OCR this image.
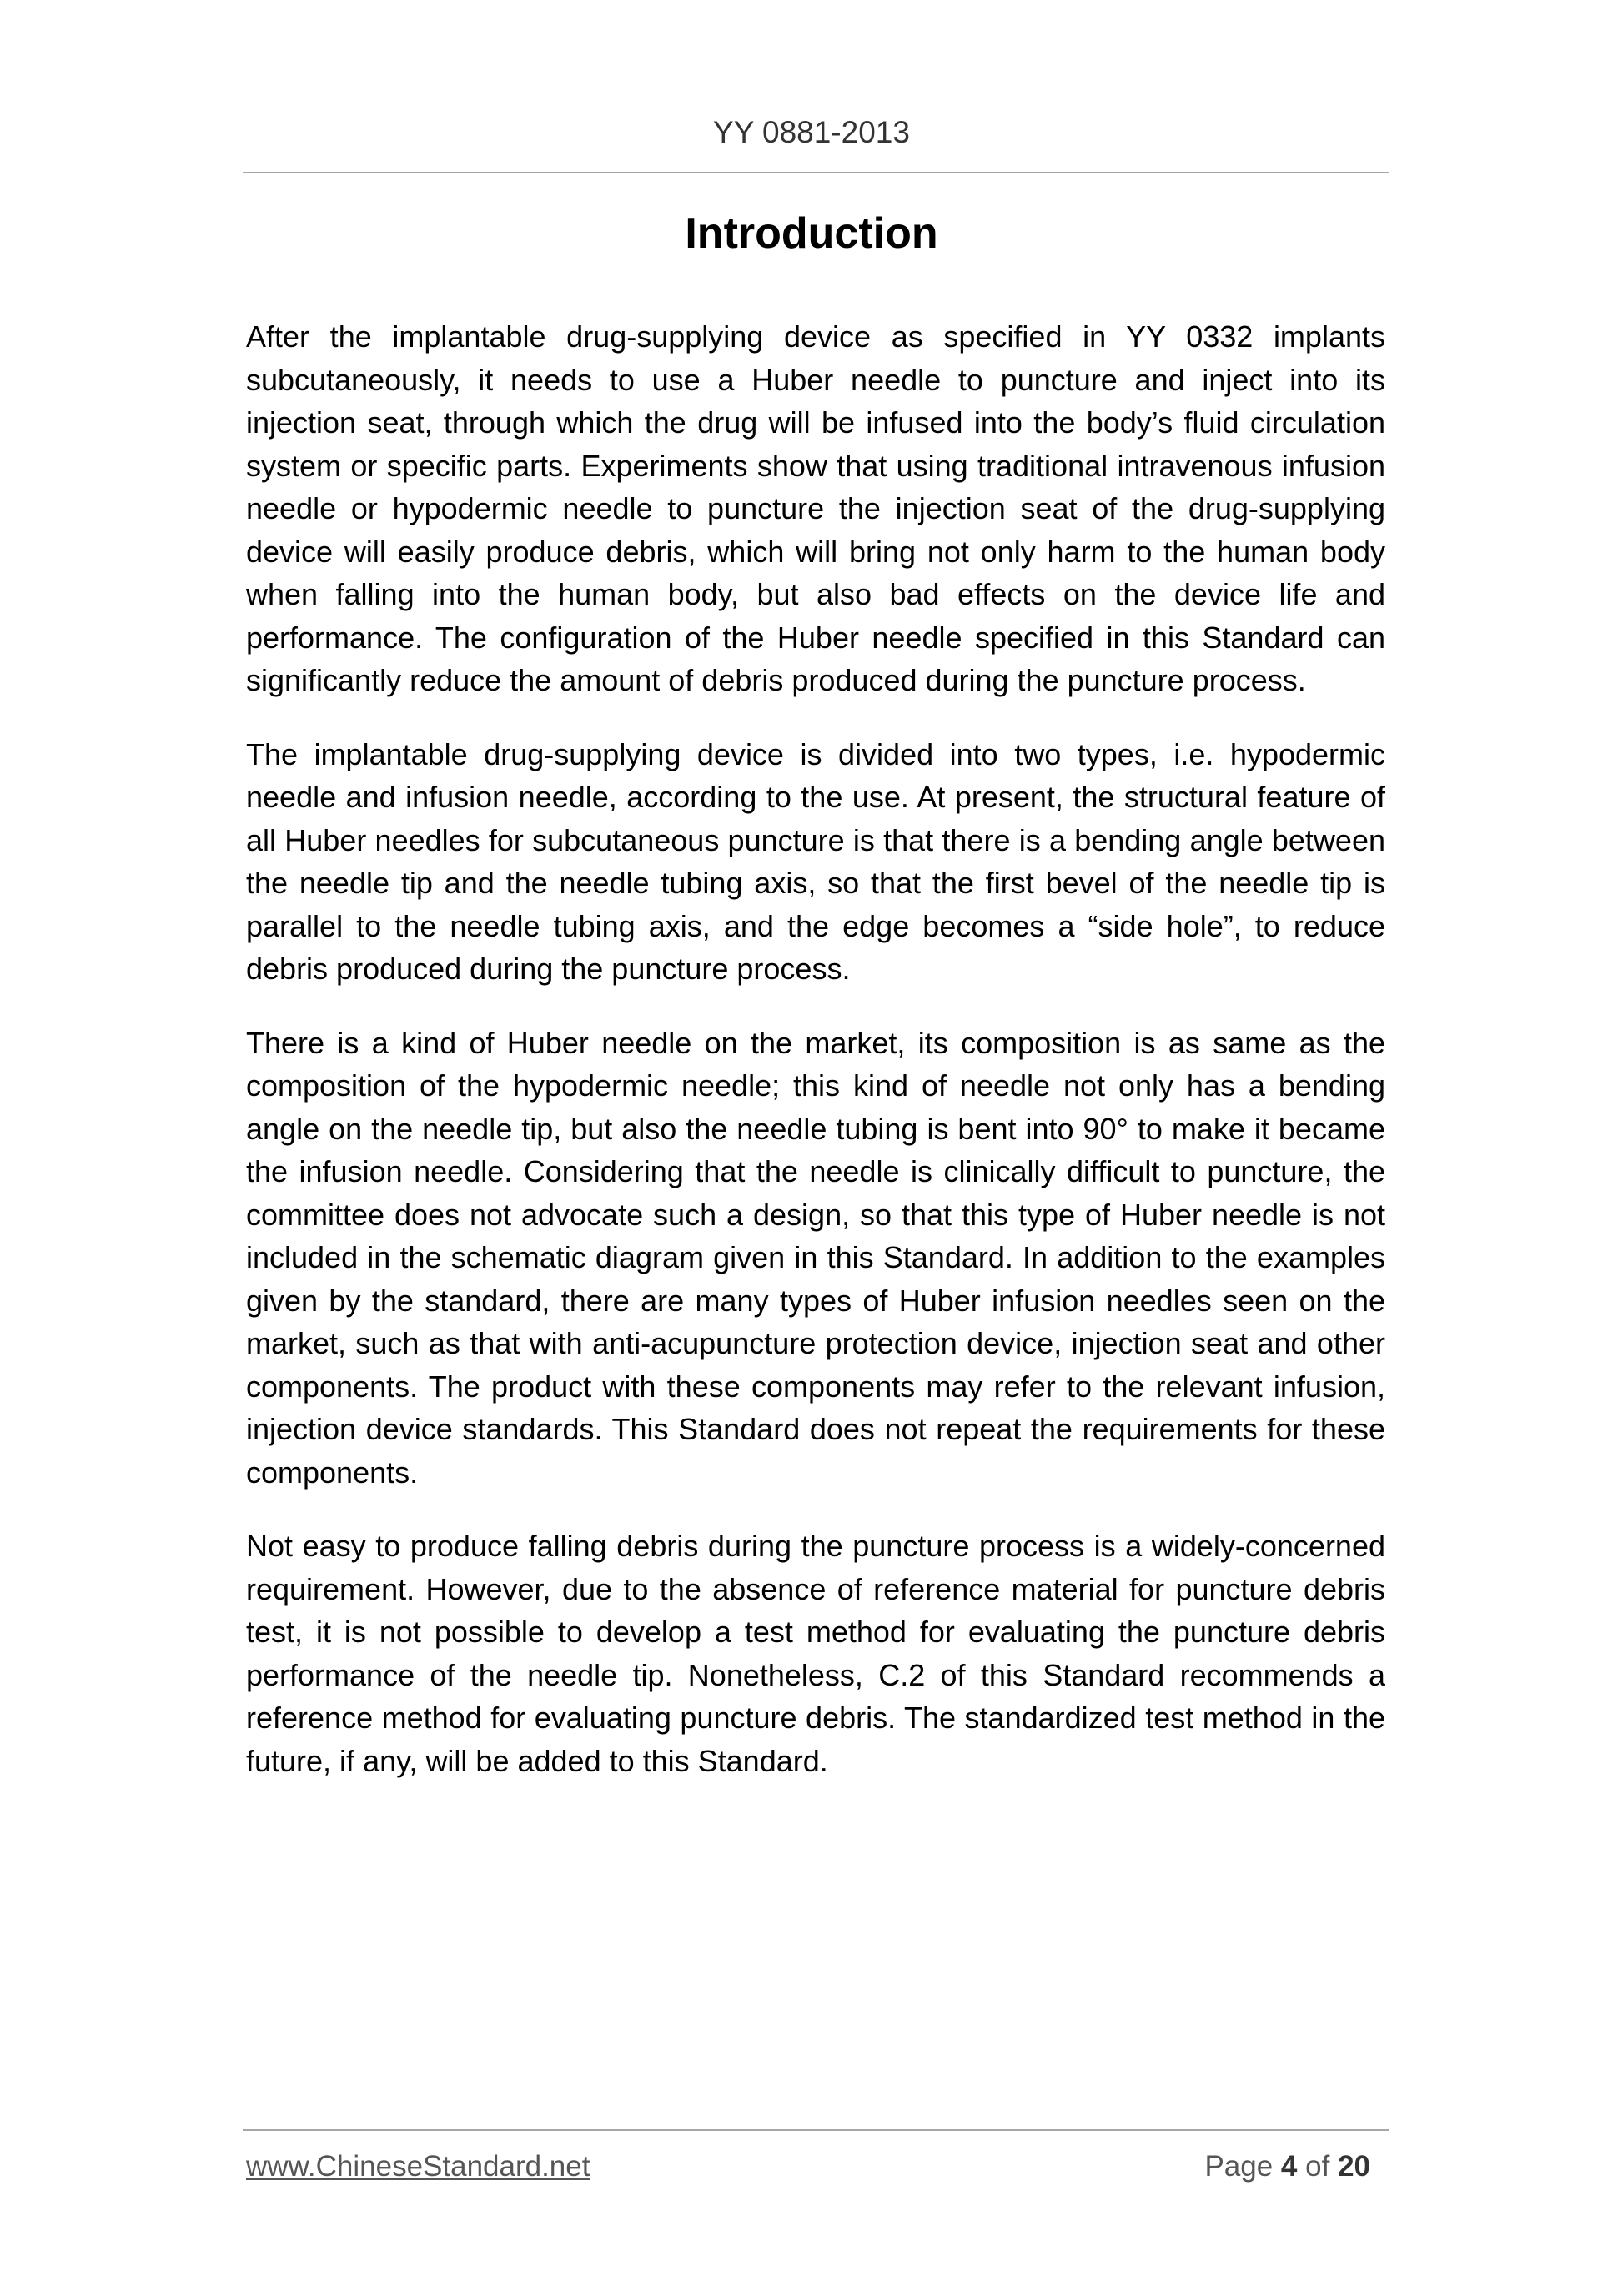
YY 0881-2013
Introduction

After the implantable drug-supplying device as specified in YY 0332 implants subcutaneously, it needs to use a Huber needle to puncture and inject into its injection seat, through which the drug will be infused into the body’s fluid circulation system or specific parts. Experiments show that using traditional intravenous infusion needle or hypodermic needle to puncture the injection seat of the drug-supplying device will easily produce debris, which will bring not only harm to the human body when falling into the human body, but also bad effects on the device life and performance. The configuration of the Huber needle specified in this Standard can significantly reduce the amount of debris produced during the puncture process.

The implantable drug-supplying device is divided into two types, i.e. hypodermic needle and infusion needle, according to the use. At present, the structural feature of all Huber needles for subcutaneous puncture is that there is a bending angle between the needle tip and the needle tubing axis, so that the first bevel of the needle tip is parallel to the needle tubing axis, and the edge becomes a “side hole”, to reduce debris produced during the puncture process.

There is a kind of Huber needle on the market, its composition is as same as the composition of the hypodermic needle; this kind of needle not only has a bending angle on the needle tip, but also the needle tubing is bent into 90° to make it became the infusion needle. Considering that the needle is clinically difficult to puncture, the committee does not advocate such a design, so that this type of Huber needle is not included in the schematic diagram given in this Standard. In addition to the examples given by the standard, there are many types of Huber infusion needles seen on the market, such as that with anti-acupuncture protection device, injection seat and other components. The product with these components may refer to the relevant infusion, injection device standards. This Standard does not repeat the requirements for these components.

Not easy to produce falling debris during the puncture process is a widely-concerned requirement. However, due to the absence of reference material for puncture debris test, it is not possible to develop a test method for evaluating the puncture debris performance of the needle tip. Nonetheless, C.2 of this Standard recommends a reference method for evaluating puncture debris. The standardized test method in the future, if any, will be added to this Standard.

www.ChineseStandard.net	Page 4 of 20
